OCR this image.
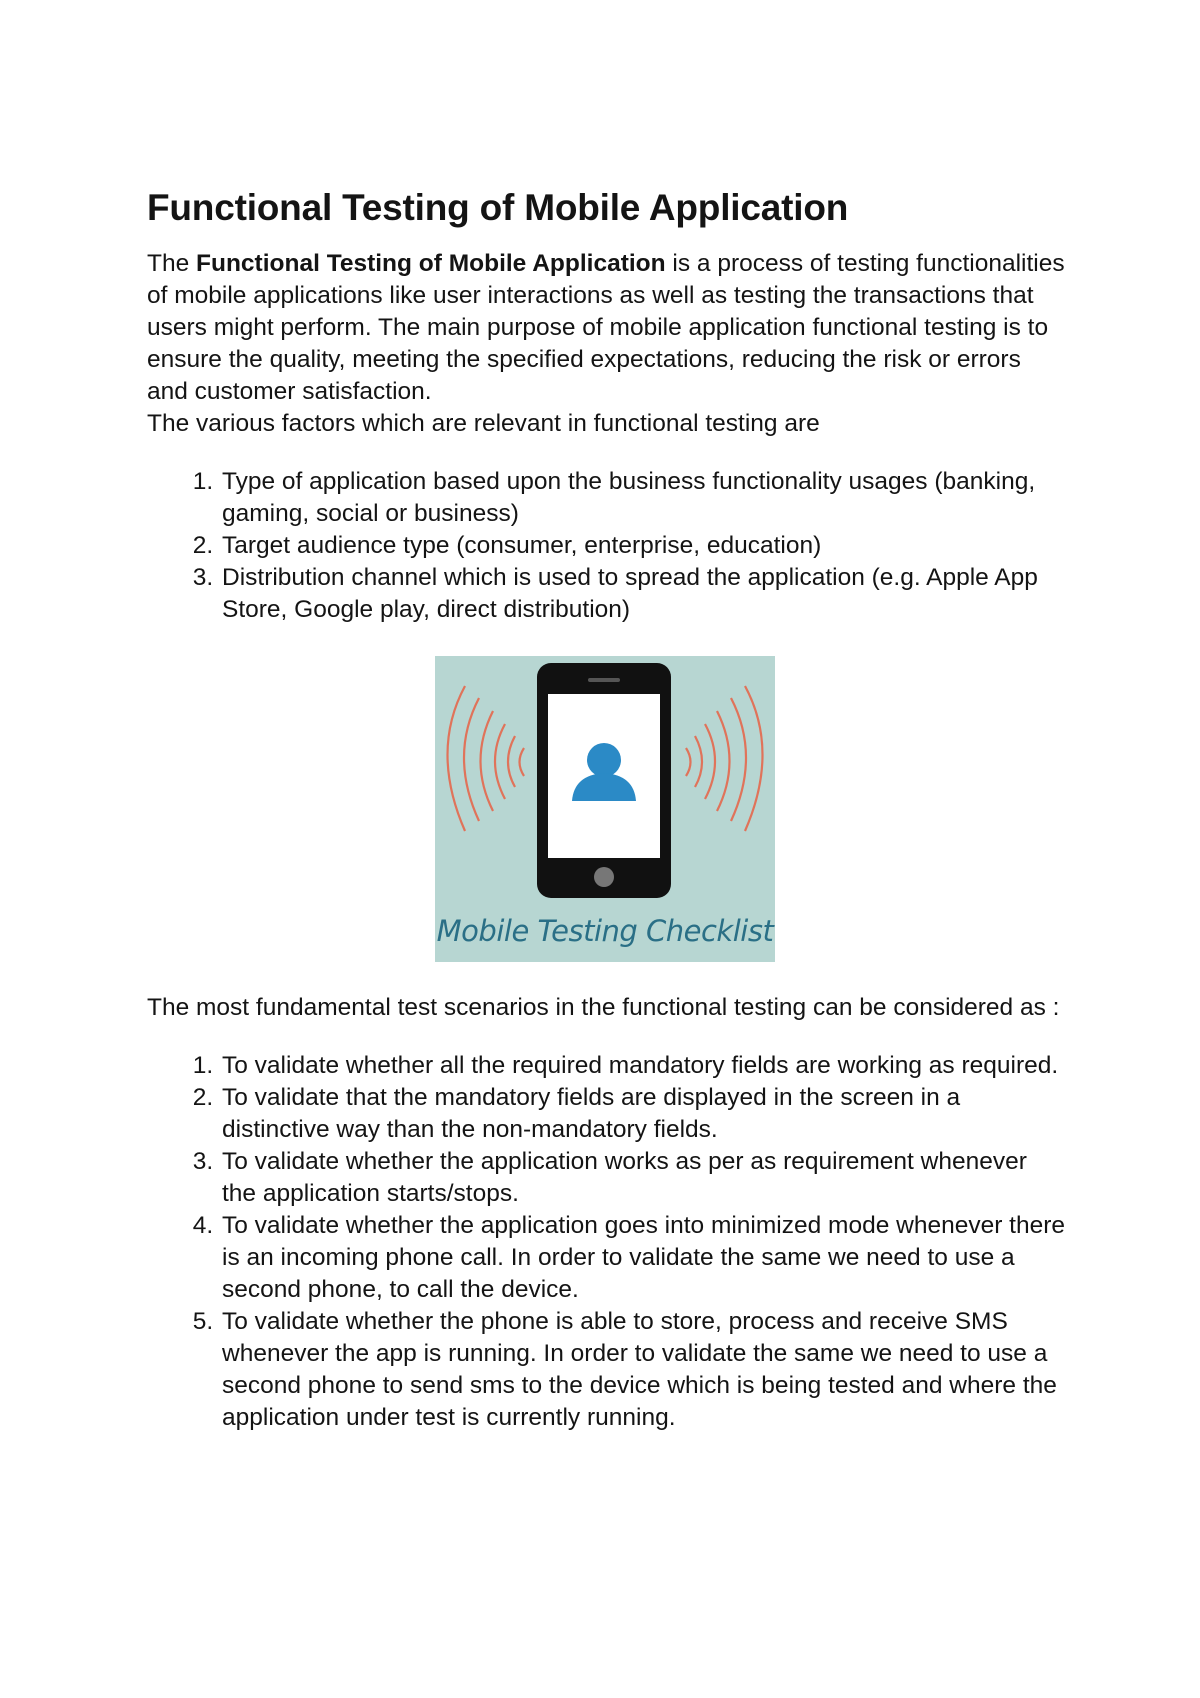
Functional Testing of Mobile Application

The Functional Testing of Mobile Application is a process of testing functionalities of mobile applications like user interactions as well as testing the transactions that users might perform. The main purpose of mobile application functional testing is to ensure the quality, meeting the specified expectations, reducing the risk or errors and customer satisfaction.
The various factors which are relevant in functional testing are

1. Type of application based upon the business functionality usages (banking, gaming, social or business)
2. Target audience type (consumer, enterprise, education)
3. Distribution channel which is used to spread the application (e.g. Apple App Store, Google play, direct distribution)
Mobile Testing Checklist

The most fundamental test scenarios in the functional testing can be considered as :

1. To validate whether all the required mandatory fields are working as required.
2. To validate that the mandatory fields are displayed in the screen in a distinctive way than the non-mandatory fields.
3. To validate whether the application works as per as requirement whenever the application starts/stops.
4. To validate whether the application goes into minimized mode whenever there is an incoming phone call. In order to validate the same we need to use a second phone, to call the device.
5. To validate whether the phone is able to store, process and receive SMS whenever the app is running. In order to validate the same we need to use a second phone to send sms to the device which is being tested and where the application under test is currently running.
